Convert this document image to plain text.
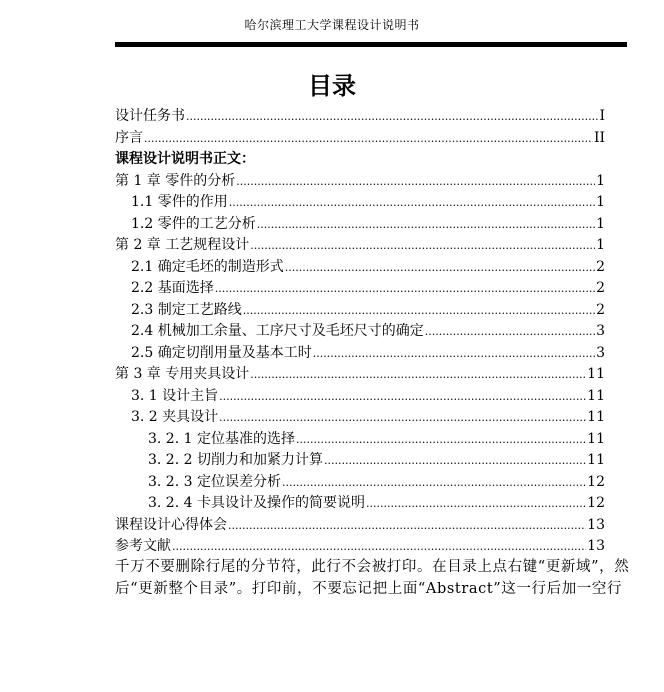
哈尔滨理工大学课程设计说明书
目录
设计任务书 .....	I
序言 .....	II
课程设计说明书正文：
第 1 章 零件的分析 .....	1
1.1 零件的作用 .....	1
1.2 零件的工艺分析 .....	1
第 2 章 工艺规程设计 .....	1
2.1 确定毛坯的制造形式 .....	2
2.2 基面选择 .....	2
2.3 制定工艺路线 .....	2
2.4 机械加工余量、工序尺寸及毛坯尺寸的确定 .....	3
2.5 确定切削用量及基本工时 .....	3
第 3 章 专用夹具设计 .....	11
3. 1 设计主旨 .....	11
3. 2 夹具设计 .....	11
3. 2. 1 定位基准的选择 .....	11
3. 2. 2 切削力和加紧力计算 .....	11
3. 2. 3 定位误差分析 .....	12
3. 2. 4 卡具设计及操作的简要说明 .....	12
课程设计心得体会 .....	13
参考文献 .....	13
千万不要删除行尾的分节符，此行不会被打印。在目录上点右键“更新域”，然后“更新整个目录”。打印前，不要忘记把上面“Abstract”这一行后加一空行
